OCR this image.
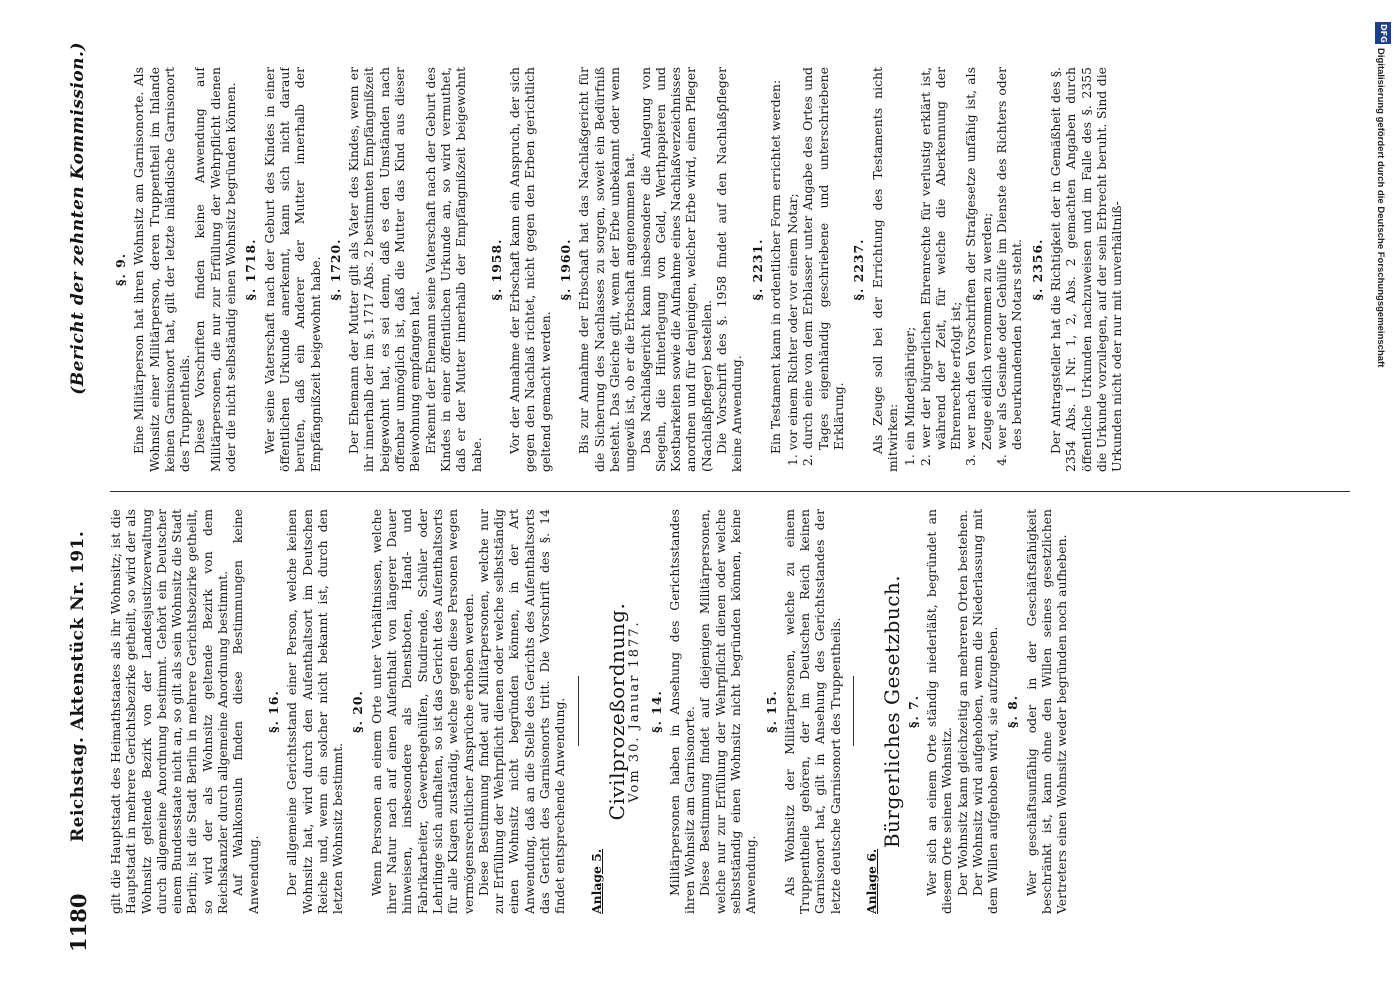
1180
Reichstag. Aktenstück Nr. 191.
(Bericht der zehnten Kommission.)

gilt die Hauptstadt des Heimathstaates als ihr Wohnsitz; ist die Hauptstadt in mehrere Gerichtsbezirke getheilt, so wird der als Wohnsitz geltende Bezirk von der Landesjustizverwaltung durch allgemeine Anordnung bestimmt. Gehört ein Deutscher einem Bundesstaate nicht an, so gilt als sein Wohnsitz die Stadt Berlin; ist die Stadt Berlin in mehrere Gerichtsbezirke getheilt, so wird der als Wohnsitz geltende Bezirk von dem Reichskanzler durch allgemeine Anordnung bestimmt. Auf Wahlkonsuln finden diese Bestimmungen keine Anwendung.

§. 16. Der allgemeine Gerichtsstand einer Person, welche keinen Wohnsitz hat, wird durch den Aufenthaltsort im Deutschen Reiche und, wenn ein solcher nicht bekannt ist, durch den letzten Wohnsitz bestimmt.

§. 20. Wenn Personen an einem Orte unter Verhältnissen, welche ihrer Natur nach auf einen Aufenthalt von längerer Dauer hinweisen, insbesondere als Dienstboten, Hand- und Fabrikarbeiter, Gewerbegehülfen, Studirende, Schüler oder Lehrlinge sich aufhalten, so ist das Gericht des Aufenthaltsorts für alle Klagen zuständig, welche gegen diese Personen wegen vermögensrechtlicher Ansprüche erhoben werden. Diese Bestimmung findet auf Militärpersonen, welche nur zur Erfüllung der Wehrpflicht dienen oder welche selbstständig einen Wohnsitz nicht begründen können, in der Art Anwendung, daß an die Stelle des Gerichts des Aufenthaltsorts das Gericht des Garnisonorts tritt. Die Vorschrift des §. 14 findet entsprechende Anwendung. Anlage 5.
Civilprozeßordnung.
Vom 30. Januar 1877. §. 14. Militärpersonen haben in Ansehung des Gerichtsstandes ihren Wohnsitz am Garnisonorte. Diese Bestimmung findet auf diejenigen Militärpersonen, welche nur zur Erfüllung der Wehrpflicht dienen oder welche selbstständig einen Wohnsitz nicht begründen können, keine Anwendung.

§. 15. Als Wohnsitz der Militärpersonen, welche zu einem Truppentheile gehören, der im Deutschen Reich keinen Garnisonort hat, gilt in Ansehung des Gerichtsstandes der letzte deutsche Garnisonort des Truppentheils. Anlage 6.
Bürgerliches Gesetzbuch. §. 7. Wer sich an einem Orte ständig niederläßt, begründet an diesem Orte seinen Wohnsitz. Der Wohnsitz kann gleichzeitig an mehreren Orten bestehen. Der Wohnsitz wird aufgehoben, wenn die Niederlassung mit dem Willen aufgehoben wird, sie aufzugeben. §. 8. Wer geschäftsunfähig oder in der Geschäftsfähigkeit beschränkt ist, kann ohne den Willen seines gesetzlichen Vertreters einen Wohnsitz weder begründen noch aufheben.

§. 9. Eine Militärperson hat ihren Wohnsitz am Garnisonorte. Als Wohnsitz einer Militärperson, deren Truppentheil im Inlande keinen Garnisonort hat, gilt der letzte inländische Garnisonort des Truppentheils. Diese Vorschriften finden keine Anwendung auf Militärpersonen, die nur zur Erfüllung der Wehrpflicht dienen oder die nicht selbständig einen Wohnsitz begründen können. §. 1718. Wer seine Vaterschaft nach der Geburt des Kindes in einer öffentlichen Urkunde anerkennt, kann sich nicht darauf berufen, daß ein Anderer der Mutter innerhalb der Empfängnißzeit beigewohnt habe. §. 1720. Der Ehemann der Mutter gilt als Vater des Kindes, wenn er ihr innerhalb der im §. 1717 Abs. 2 bestimmten Empfängnißzeit beigewohnt hat, es sei denn, daß es den Umständen nach offenbar unmöglich ist, daß die Mutter das Kind aus dieser Beiwohnung empfangen hat. Erkennt der Ehemann seine Vaterschaft nach der Geburt des Kindes in einer öffentlichen Urkunde an, so wird vermuthet, daß er der Mutter innerhalb der Empfängnißzeit beigewohnt habe.

§. 1958. Vor der Annahme der Erbschaft kann ein Anspruch, der sich gegen den Nachlaß richtet, nicht gegen den Erben gerichtlich geltend gemacht werden.

§. 1960. Bis zur Annahme der Erbschaft hat das Nachlaßgericht für die Sicherung des Nachlasses zu sorgen, soweit ein Bedürfniß besteht. Das Gleiche gilt, wenn der Erbe unbekannt oder wenn ungewiß ist, ob er die Erbschaft angenommen hat. Das Nachlaßgericht kann insbesondere die Anlegung von Siegeln, die Hinterlegung von Geld, Werthpapieren und Kostbarkeiten sowie die Aufnahme eines Nachlaßverzeichnisses anordnen und für denjenigen, welcher Erbe wird, einen Pfleger (Nachlaßpfleger) bestellen. Die Vorschrift des §. 1958 findet auf den Nachlaßpfleger keine Anwendung.

§. 2231. Ein Testament kann in ordentlicher Form errichtet werden: 1. vor einem Richter oder vor einem Notar; 2. durch eine von dem Erblasser unter Angabe des Ortes und Tages eigenhändig geschriebene und unterschriebene Erklärung.
§. 2237. Als Zeuge soll bei der Errichtung des Testaments nicht mitwirken: 1. ein Minderjähriger; 2. wer der bürgerlichen Ehrenrechte für verlustig erklärt ist, während der Zeit, für welche die Aberkennung der Ehrenrechte erfolgt ist; 3. wer nach den Vorschriften der Strafgesetze unfähig ist, als Zeuge eidlich vernommen zu werden; 4. wer als Gesinde oder Gehülfe im Dienste des Richters oder des beurkundenden Notars steht. §. 2356. Der Antragsteller hat die Richtigkeit der in Gemäßheit des §. 2354 Abs. 1 Nr. 1, 2, Abs. 2 gemachten Angaben durch öffentliche Urkunden nachzuweisen und im Falle des §. 2355 die Urkunde vorzulegen, auf der sein Erbrecht beruht. Sind die Urkunden nicht oder nur mit unverhältniß-

DFG
Digitalisierung gefördert durch die Deutsche Forschungsgemeinschaft
